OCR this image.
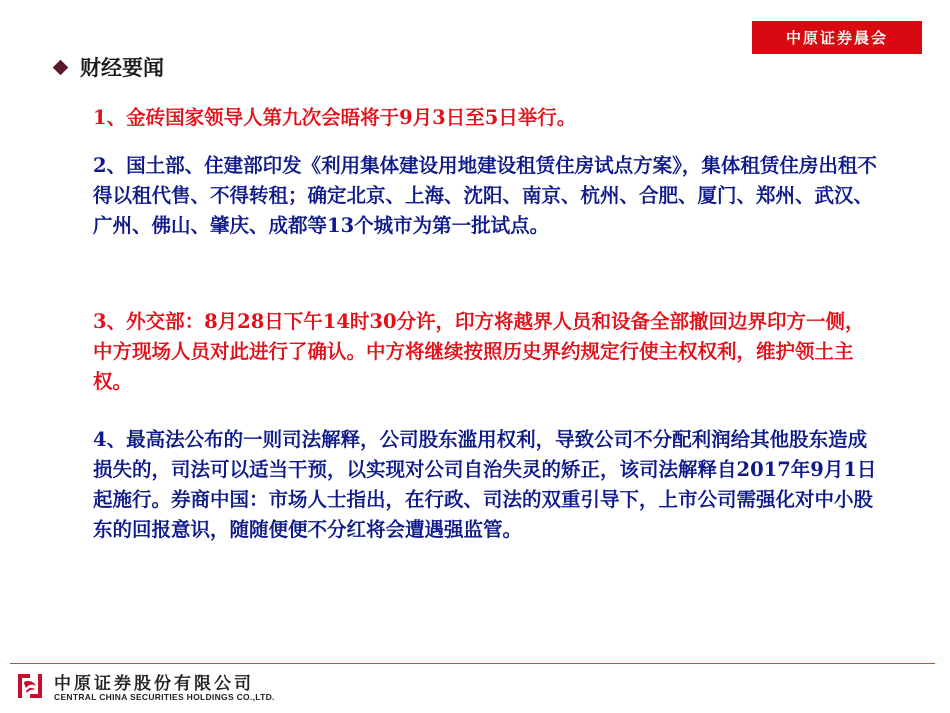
中原证券晨会
财经要闻
1、金砖国家领导人第九次会晤将于9月3日至5日举行。
2、国土部、住建部印发《利用集体建设用地建设租赁住房试点方案》，集体租赁住房出租不得以租代售、不得转租；确定北京、上海、沈阳、南京、杭州、合肥、厦门、郑州、武汉、广州、佛山、肇庆、成都等13个城市为第一批试点。
3、外交部：8月28日下午14时30分许，印方将越界人员和设备全部撤回边界印方一侧，中方现场人员对此进行了确认。中方将继续按照历史界约规定行使主权权利，维护领土主权。
4、最高法公布的一则司法解释，公司股东滥用权利，导致公司不分配利润给其他股东造成损失的，司法可以适当干预，以实现对公司自治失灵的矫正，该司法解释自2017年9月1日起施行。券商中国：市场人士指出，在行政、司法的双重引导下，上市公司需强化对中小股东的回报意识，随随便便不分红将会遭遇强监管。
中原证券股份有限公司
CENTRAL CHINA SECURITIES HOLDINGS CO.,LTD.
